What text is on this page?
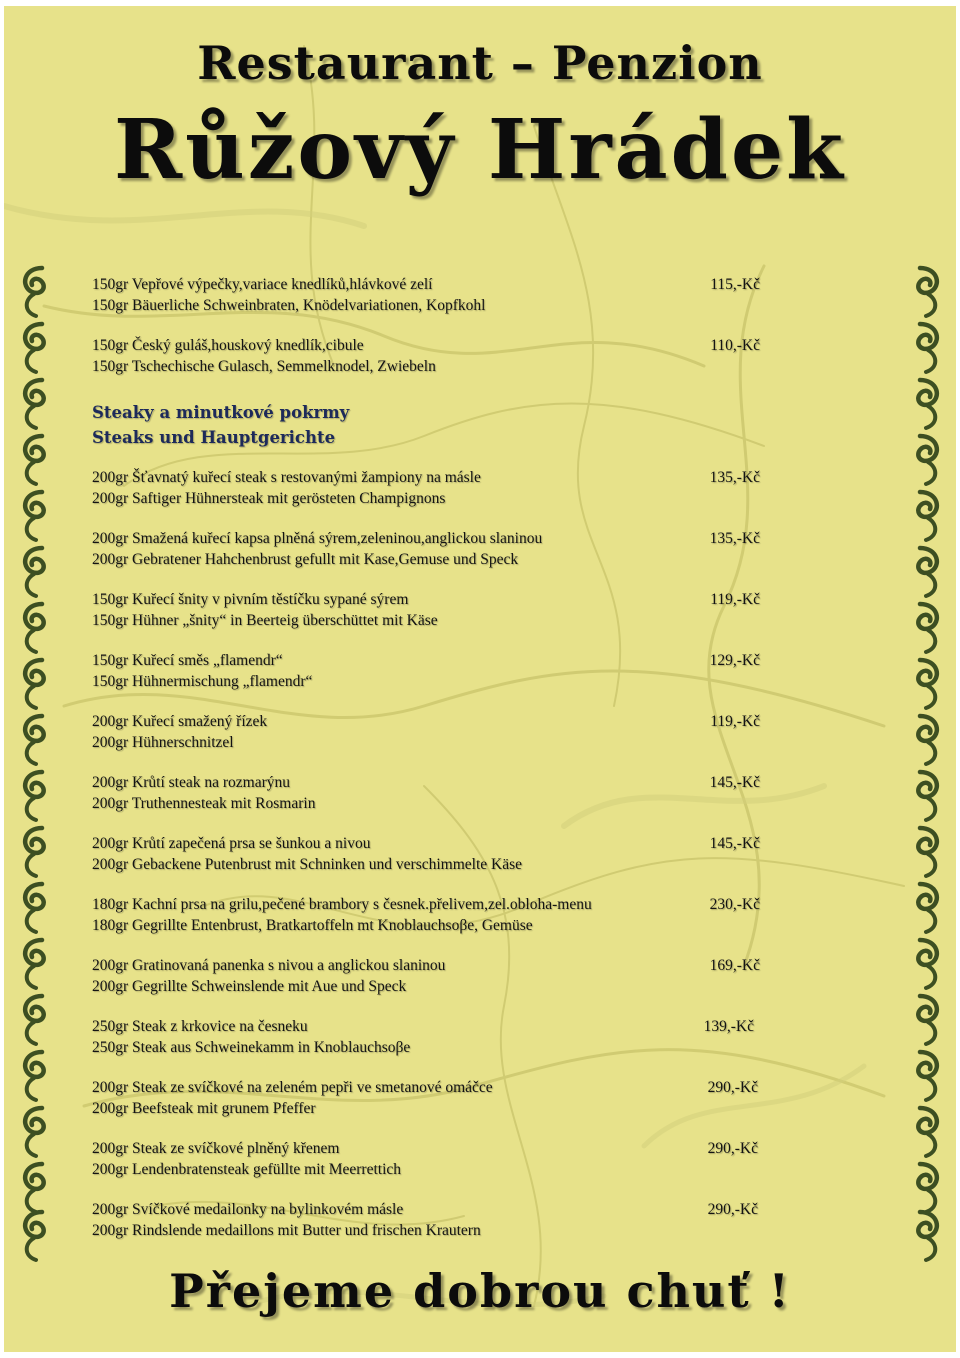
Restaurant – Penzion
Růžový Hrádek
150gr Vepřové výpečky,variace knedlíků,hlávkové zelí
150gr Bäuerliche Schweinbraten, Knödelvariationen, Kopfkohl
115,-Kč
150gr Český guláš,houskový knedlík,cibule
150gr Tschechische Gulasch, Semmelknodel, Zwiebeln
110,-Kč
Steaky a minutkové pokrmy
Steaks und Hauptgerichte
200gr Šťavnatý kuřecí steak s restovanými žampiony na másle
200gr Saftiger Hühnersteak mit gerösteten Champignons
135,-Kč
200gr Smažená kuřecí kapsa plněná sýrem,zeleninou,anglickou slaninou
200gr Gebratener Hahchenbrust gefullt mit Kase,Gemuse und Speck
135,-Kč
150gr Kuřecí šnity v pivním těstíčku sypané sýrem
150gr Hühner „šnity“ in Beerteig überschüttet mit Käse
119,-Kč
150gr Kuřecí směs „flamendr“
150gr Hühnermischung „flamendr“
129,-Kč
200gr Kuřecí smažený řízek
200gr Hühnerschnitzel
119,-Kč
200gr Krůtí steak na rozmarýnu
200gr Truthennesteak mit Rosmarin
145,-Kč
200gr Krůtí zapečená prsa se šunkou a nivou
200gr Gebackene Putenbrust mit Schninken und verschimmelte Käse
145,-Kč
180gr Kachní prsa na grilu,pečené brambory s česnek.přelivem,zel.obloha-menu
180gr Gegrillte Entenbrust, Bratkartoffeln mt Knoblauchsoβe, Gemüse
230,-Kč
200gr Gratinovaná panenka s nivou a anglickou slaninou
200gr Gegrillte Schweinslende mit Aue und Speck
169,-Kč
250gr Steak z krkovice na česneku
250gr Steak aus Schweinekamm in Knoblauchsoβe
139,-Kč
200gr Steak ze svíčkové na zeleném pepři ve smetanové omáčce
200gr Beefsteak mit grunem Pfeffer
290,-Kč
200gr Steak ze svíčkové plněný křenem
200gr Lendenbratensteak gefüllte mit Meerrettich
290,-Kč
200gr Svíčkové medailonky na bylinkovém másle
200gr Rindslende medaillons mit Butter und frischen Krautern
290,-Kč
Přejeme dobrou chuť !
